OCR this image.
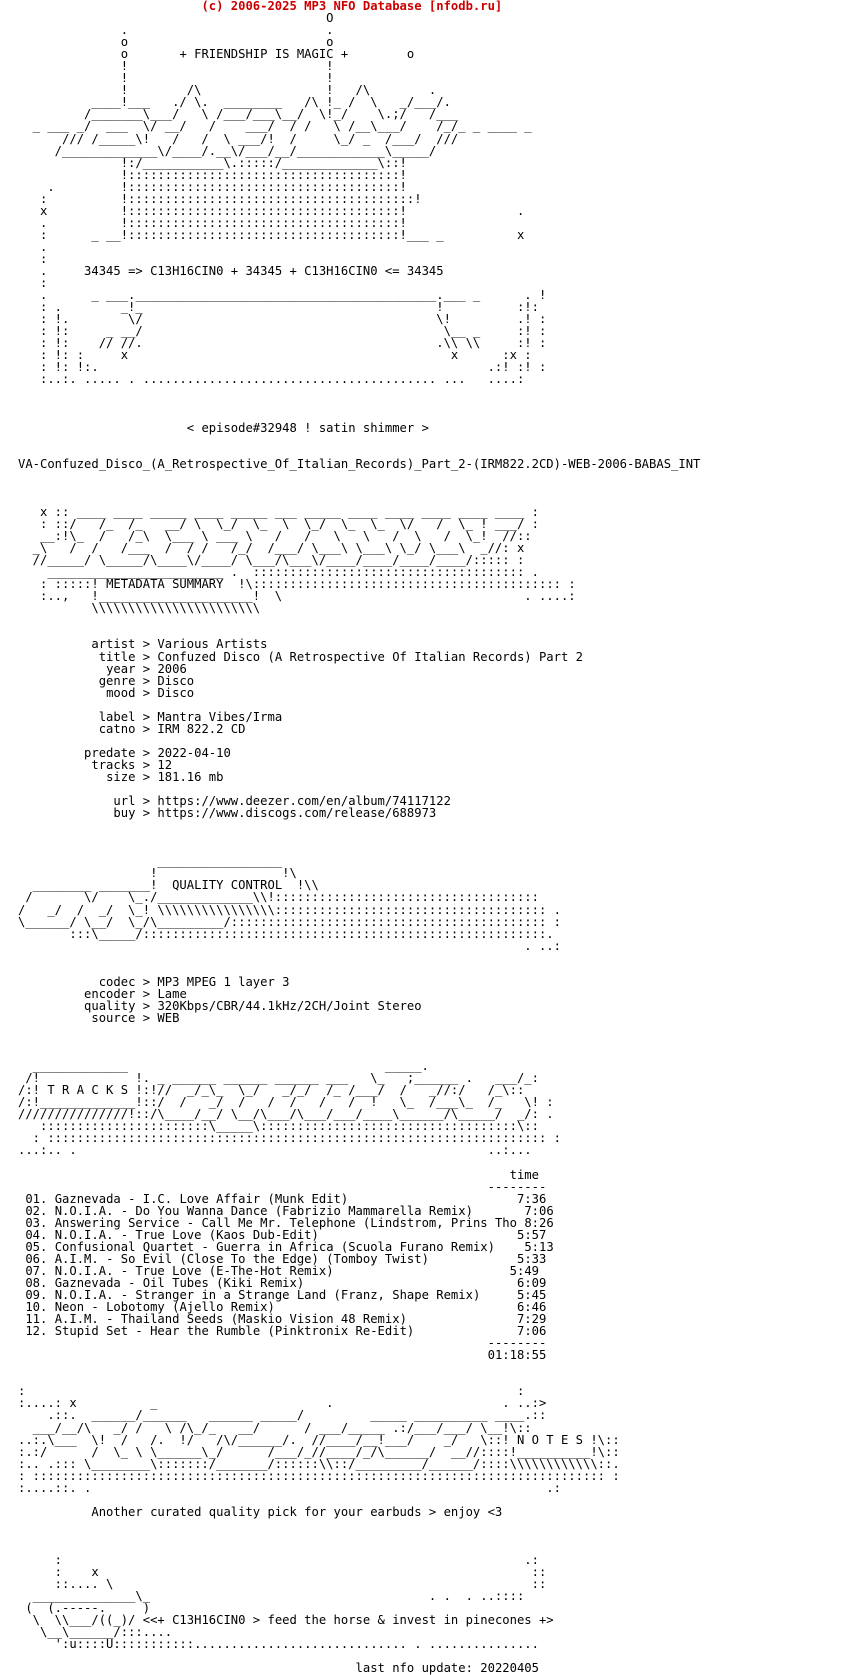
(c) 2006-2025 MP3 NFO Database [nfodb.ru]
O
.                           .
o                           o
o       + FRIENDSHIP IS MAGIC +        o
!                           !
!                           !
!        /\                 !   /\        .
____!___   ./ \.  ________   /\ !_ /  \   _/___/.
/_______\___/   \ /___/___\__/  \!_/    \.;/   /___
_ ___ _/  ___  \/ __/   /    ___/  / /   \ /__\___/    /_/_ _ ____ _
/// /_____\!   /   /  \ ___/!  /     \_/ _  /___/  ///
/_____________\/____/.__\/___/__/____________\_____/
!:/___________\.:::::/_____________\::!
!:::::::::::::::::::::::::::::::::::::!
.         !:::::::::::::::::::::::::::::::::::::!
:          !:::::::::::::::::::::::::::::::::::::::!
x          !:::::::::::::::::::::::::::::::::::::!               .
.          !:::::::::::::::::::::::::::::::::::::!
:      _ __!:::::::::::::::::::::::::::::::::::::!___ _          x
.
:
.     34345 => C13H16CIN0 + 34345 + C13H16CIN0 <= 34345
:
.      _ ___._________________________________________.___ _      . !
: .        _!_                                        !          :!:
: !.        \/                                        \!         .! :
: !:     _ __/                                         \__ _     :! :
: !:    // //.                                        .\\ \\     :! :
: !: :     x                                            x      :x :
: !: !:.                                                     .:! :! :
:..:. ..... . ........................................ ...   ....:

< episode#32948 ! satin shimmer >

VA-Confuzed_Disco_(A_Retrospective_Of_Italian_Records)_Part_2-(IRM822.2CD)-WEB-2006-BABAS_INT

x :: ____ ____ _____ ____ _____ ___ _____ ____ ____ ____ ____ ____ :
: ::/   /_  /_   __/ \  \_/  \_  \  \_/  \_  \_  \/   /  \_ ! ___/ :
__:!\_  /   /_\  \___ \ ___ \   /   /   \   \   /  \   /  \_!  //::
_\   /  /   /___  /  / /   /_/  /___/ \___\ \___\ \_/ \___\  _//: x
//_____/ \_____/\____\/____/ \___/\___\/____/____/____/____/::::: :
________________________ .  ::::::::::::::::::::::::::::::::::::: .
: :::::! METADATA SUMMARY  !\:::::::::::::::::::::::::::::::::::::::::: :
:..,   !_____________________!  \                                 . ....:
\\\\\\\\\\\\\\\\\\\\\\\

artist > Various Artists
title > Confuzed Disco (A Retrospective Of Italian Records) Part 2
year > 2006
genre > Disco
mood > Disco

label > Mantra Vibes/Irma
catno > IRM 822.2 CD

predate > 2022-04-10
tracks > 12
size > 181.16 mb

url > https://www.deezer.com/en/album/74117122
buy > https://www.discogs.com/release/688973

_________________
!                 !\
________ _______!  QUALITY CONTROL  !\\
/       \/    \_./_____________\\!::::::::::::::::::::::::::::::::::::
/   _/  /  _/  \_! \\\\\\\\\\\\\\\\::::::::::::::::::::::::::::::::::::: .
\______/ \__/  \_/\_________/::::::::::::::::::::::::::::::::::::::::::: :
:::\_____/:::::::::::::::::::::::::::::::::::::::::::::::::::::::.
. ..:

codec > MP3 MPEG 1 layer 3
encoder > Lame
quality > 320Kbps/CBR/44.1kHz/2CH/Joint Stereo
source > WEB

_____________                                   _____.
/!             !. _ ______ ______ ______ ___   \_   ;______ .   ___/_:
/:! T R A C K S !:!//  _/_\_  \_/   _/_/  /_ /___/  /   _//:/   /_\::
/:!_____________!::/  /   _/  /   /  /   /   /  !   \_  /___\_  /_   \! :
///////////////!::/\____/__/ \__/\___/\___/___/____\______/\_____/  _/: .
:::::::::::::::::::::::\_____\:::::::::::::::::::::::::::::::::::\::
: :::::::::::::::::::::::::::::::::::::::::::::::::::::::::::::::::::: :
...:.. .                                                        ..:...

time
--------
01. Gaznevada - I.C. Love Affair (Munk Edit)	7:36
02. N.O.I.A. - Do You Wanna Dance (Fabrizio Mammarella Remix)	7:06
03. Answering Service - Call Me Mr. Telephone (Lindstrom, Prins Tho 8:26
04. N.O.I.A. - True Love (Kaos Dub-Edit)	5:57
05. Confusional Quartet - Guerra in Africa (Scuola Furano Remix) 5:13
06. A.I.M. - So Evil (Close To the Edge) (Tomboy Twist)	5:33
07. N.O.I.A. - True Love (E-The-Hot Remix)	5:49
08. Gaznevada - Oil Tubes (Kiki Remix)	6:09
09. N.O.I.A. - Stranger in a Strange Land (Franz, Shape Remix)	5:45
10. Neon - Lobotomy (Ajello Remix)	6:46
11. A.I.M. - Thailand Seeds (Maskio Vision 48 Remix)	7:29
12. Stupid Set - Hear the Rumble (Pinktronix Re-Edit)	7:06
--------
01:18:55

:                                                                   :
:....: x          _                       .                       . ..:>
.::.  ______/______   ______ _____/         _____ __________ ____.::
___/__/\   _/ /   \ /\_/_   __/      / ___/_____ .:/___/___/ \__!\::
..:.\___  \!  /   /.  !/   /\/______/.  //____/__!___/    _/   \::! N O T E S !\::
:.:/      /  \_ \ \______\_/      /___/_//____/_/\______/  __//::::!__________!\::
:.. .::: \________\:::::::/_______/::::::\\::/_________/______/::::\\\\\\\\\\\\::.
: :::::::::::::::::::::::::::::::::::::::::::::::::::::::::::::::::::::::::::::: :
:....::. .                                                              .:

Another curated quality pick for your earbuds > enjoy <3

:                                                               .:
:    x                                                           ::
::.... \                                                         ::
______________\_                                      . .  . ..::::
(  (.-----.     )
\  \\___/((_)/ <<+ C13H16CIN0 > feed the horse & invest in pinecones +>
\__\______/:::....
':u::::U:::::::::::............................. . ...............

last nfo update: 20220405
